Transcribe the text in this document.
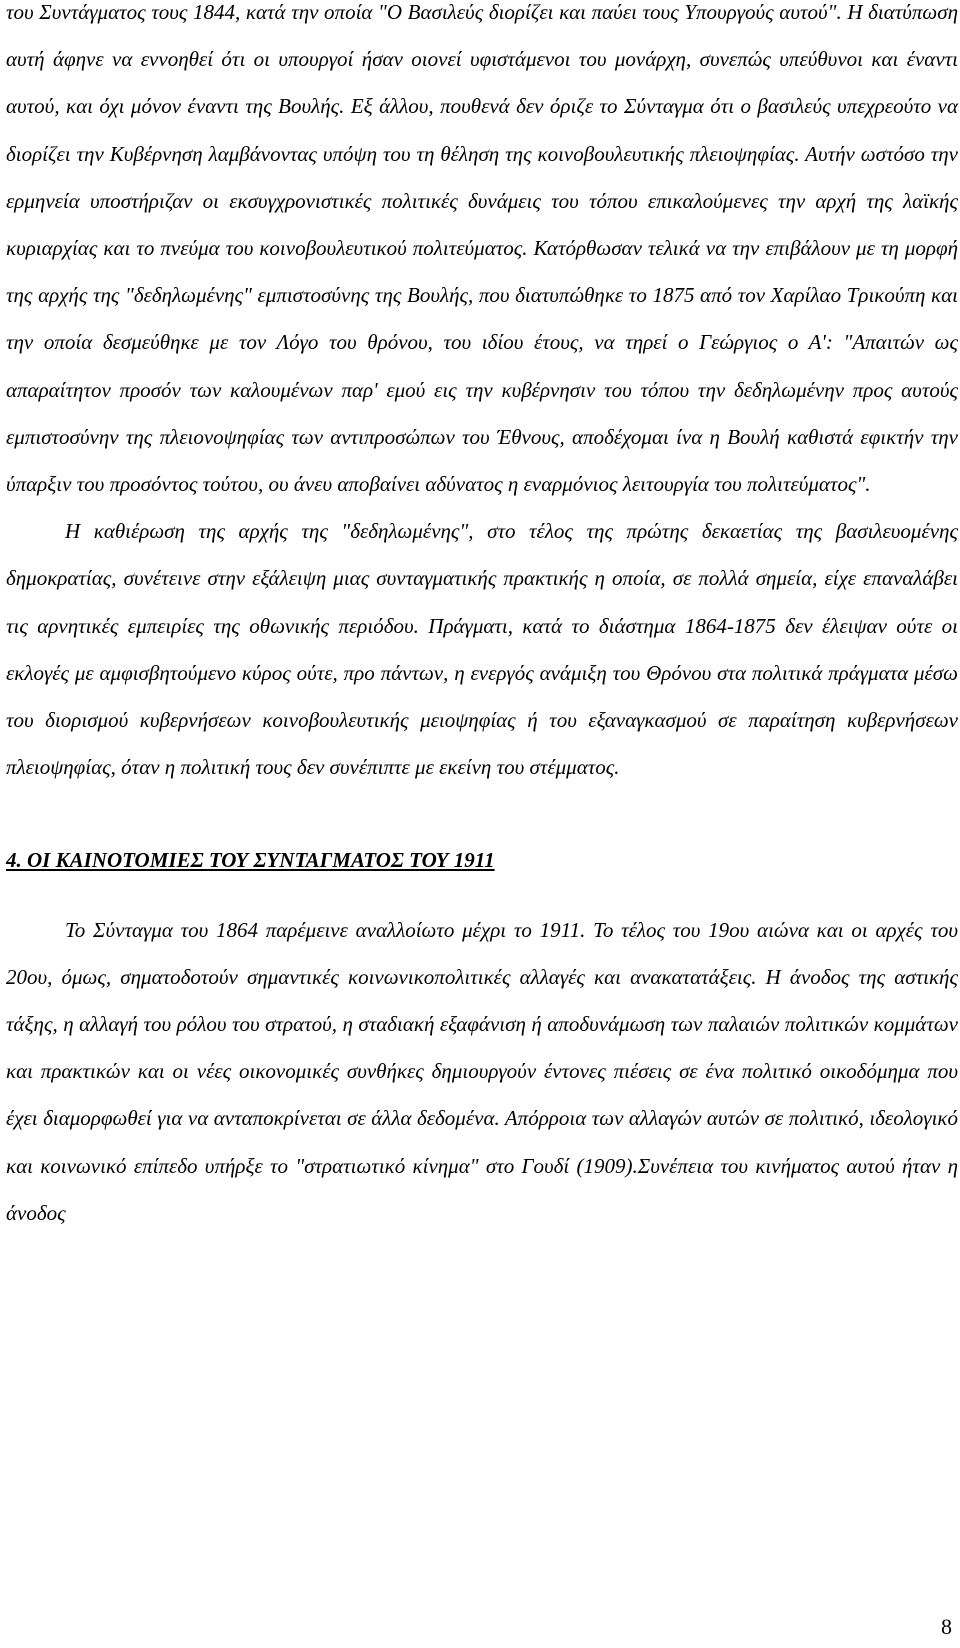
του Συντάγματος τους 1844, κατά την οποία "Ο Βασιλεύς διορίζει και παύει τους Υπουργούς αυτού". Η διατύπωση αυτή άφηνε να εννοηθεί ότι οι υπουργοί ήσαν οιονεί υφιστάμενοι του μονάρχη, συνεπώς υπεύθυνοι και έναντι αυτού, και όχι μόνον έναντι της Βουλής. Εξ άλλου, πουθενά δεν όριζε το Σύνταγμα ότι ο βασιλεύς υπεχρεούτο να διορίζει την Κυβέρνηση λαμβάνοντας υπόψη του τη θέληση της κοινοβουλευτικής πλειοψηφίας. Αυτήν ωστόσο την ερμηνεία υποστήριζαν οι εκσυγχρονιστικές πολιτικές δυνάμεις του τόπου επικαλούμενες την αρχή της λαϊκής κυριαρχίας και το πνεύμα του κοινοβουλευτικού πολιτεύματος. Κατόρθωσαν τελικά να την επιβάλουν με τη μορφή της αρχής της "δεδηλωμένης" εμπιστοσύνης της Βουλής, που διατυπώθηκε το 1875 από τον Χαρίλαο Τρικούπη και την οποία δεσμεύθηκε με τον Λόγο του θρόνου, του ιδίου έτους, να τηρεί ο Γεώργιος ο Α': "Απαιτών ως απαραίτητον προσόν των καλουμένων παρ' εμού εις την κυβέρνησιν του τόπου την δεδηλωμένην προς αυτούς εμπιστοσύνην της πλειονοψηφίας των αντιπροσώπων του Έθνους, αποδέχομαι ίνα η Βουλή καθιστά εφικτήν την ύπαρξιν του προσόντος τούτου, ου άνευ αποβαίνει αδύνατος η εναρμόνιος λειτουργία του πολιτεύματος".

Η καθιέρωση της αρχής της "δεδηλωμένης", στο τέλος της πρώτης δεκαετίας της βασιλευομένης δημοκρατίας, συνέτεινε στην εξάλειψη μιας συνταγματικής πρακτικής η οποία, σε πολλά σημεία, είχε επαναλάβει τις αρνητικές εμπειρίες της οθωνικής περιόδου. Πράγματι, κατά το διάστημα 1864-1875 δεν έλειψαν ούτε οι εκλογές με αμφισβητούμενο κύρος ούτε, προ πάντων, η ενεργός ανάμιξη του Θρόνου στα πολιτικά πράγματα μέσω του διορισμού κυβερνήσεων κοινοβουλευτικής μειοψηφίας ή του εξαναγκασμού σε παραίτηση κυβερνήσεων πλειοψηφίας, όταν η πολιτική τους δεν συνέπιπτε με εκείνη του στέμματος.

4. ΟΙ ΚΑΙΝΟΤΟΜΙΕΣ ΤΟΥ ΣΥΝΤΑΓΜΑΤΟΣ ΤΟΥ 1911

Το Σύνταγμα του 1864 παρέμεινε αναλλοίωτο μέχρι το 1911. Το τέλος του 19ου αιώνα και οι αρχές του 20ου, όμως, σηματοδοτούν σημαντικές κοινωνικοπολιτικές αλλαγές και ανακατατάξεις. Η άνοδος της αστικής τάξης, η αλλαγή του ρόλου του στρατού, η σταδιακή εξαφάνιση ή αποδυνάμωση των παλαιών πολιτικών κομμάτων και πρακτικών και οι νέες οικονομικές συνθήκες δημιουργούν έντονες πιέσεις σε ένα πολιτικό οικοδόμημα που έχει διαμορφωθεί για να ανταποκρίνεται σε άλλα δεδομένα. Απόρροια των αλλαγών αυτών σε πολιτικό, ιδεολογικό και κοινωνικό επίπεδο υπήρξε το "στρατιωτικό κίνημα" στο Γουδί (1909).Συνέπεια του κινήματος αυτού ήταν η άνοδος

8
